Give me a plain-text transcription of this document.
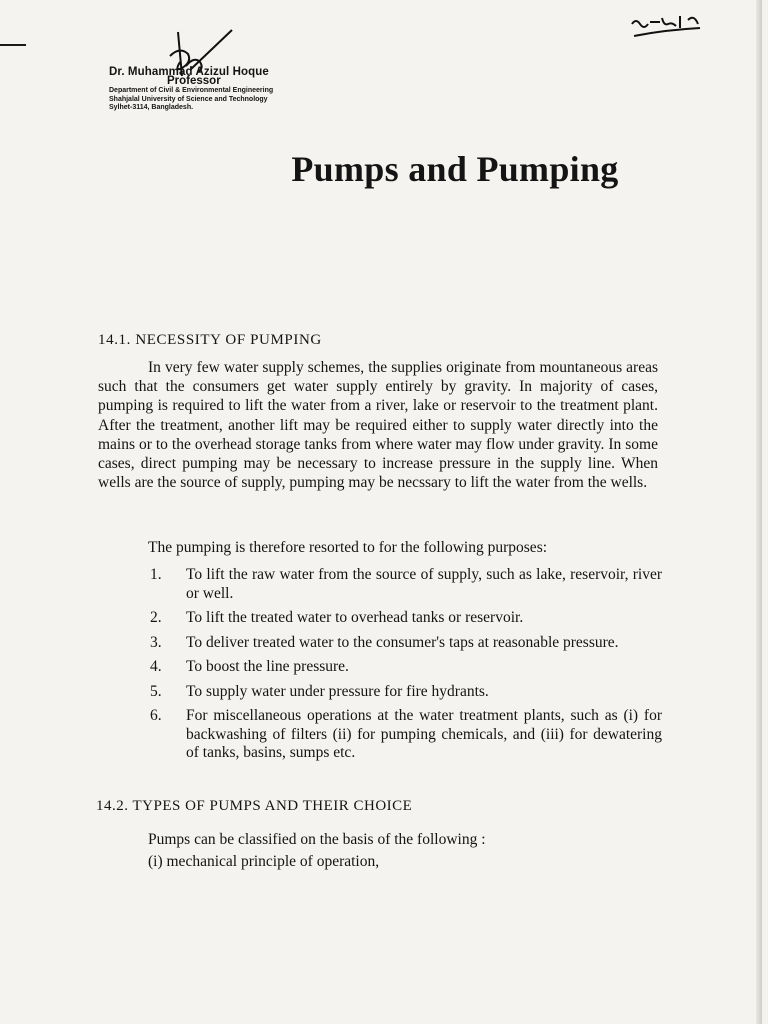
Dr. Muhammad Azizul Hoque
Professor
Department of Civil & Environmental Engineering
Shahjalal University of Science and Technology
Sylhet-3114, Bangladesh.
Pumps and Pumping
14.1. NECESSITY OF PUMPING

In very few water supply schemes, the supplies originate from mountaneous areas such that the consumers get water supply entirely by gravity. In majority of cases, pumping is required to lift the water from a river, lake or reservoir to the treatment plant. After the treatment, another lift may be required either to supply water directly into the mains or to the overhead storage tanks from where water may flow under gravity. In some cases, direct pumping may be necessary to increase pressure in the supply line. When wells are the source of supply, pumping may be necssary to lift the water from the wells.

The pumping is therefore resorted to for the following purposes:

1.	To lift the raw water from the source of supply, such as lake, reservoir, river or well.
2.	To lift the treated water to overhead tanks or reservoir.
3.	To deliver treated water to the consumer's taps at reasonable pressure.
4.	To boost the line pressure.
5.	To supply water under pressure for fire hydrants.
6.	For miscellaneous operations at the water treatment plants, such as (i) for backwashing of filters (ii) for pumping chemicals, and (iii) for dewatering of tanks, basins, sumps etc.
14.2. TYPES OF PUMPS AND THEIR CHOICE

Pumps can be classified on the basis of the following :

(i) mechanical principle of operation,
